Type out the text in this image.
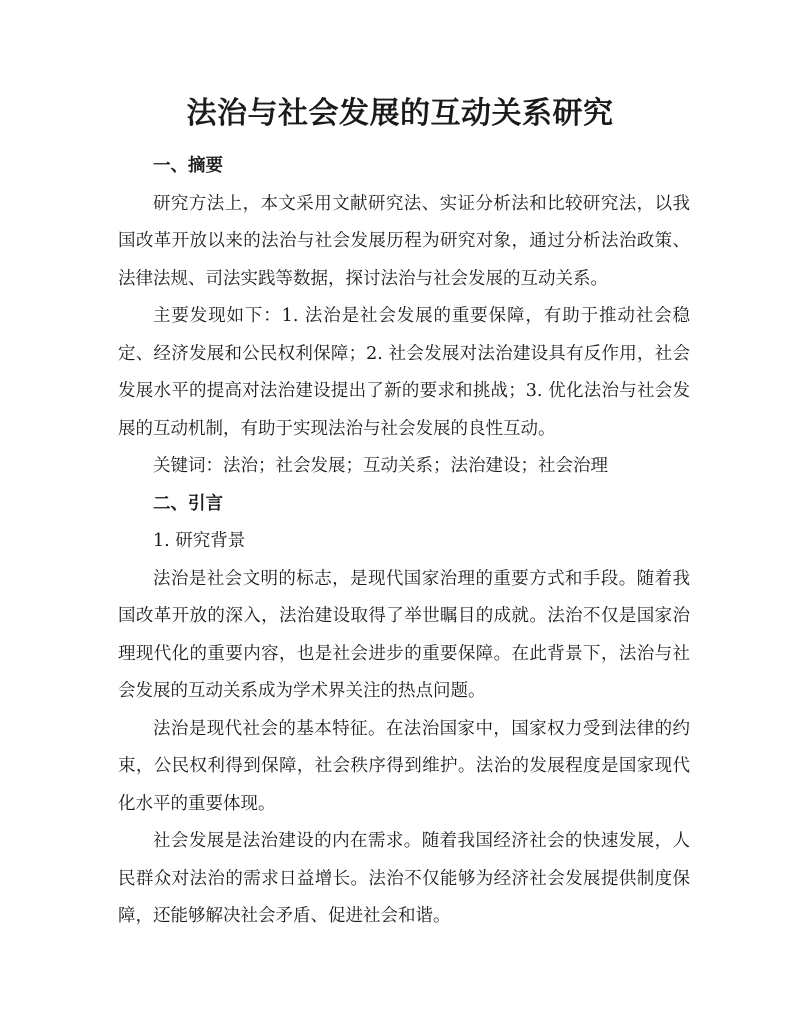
法治与社会发展的互动关系研究

一、摘要

研究方法上，本文采用文献研究法、实证分析法和比较研究法，以我国改革开放以来的法治与社会发展历程为研究对象，通过分析法治政策、法律法规、司法实践等数据，探讨法治与社会发展的互动关系。

主要发现如下：1. 法治是社会发展的重要保障，有助于推动社会稳定、经济发展和公民权利保障；2. 社会发展对法治建设具有反作用，社会发展水平的提高对法治建设提出了新的要求和挑战；3. 优化法治与社会发展的互动机制，有助于实现法治与社会发展的良性互动。

关键词：法治；社会发展；互动关系；法治建设；社会治理

二、引言

1. 研究背景

法治是社会文明的标志，是现代国家治理的重要方式和手段。随着我国改革开放的深入，法治建设取得了举世瞩目的成就。法治不仅是国家治理现代化的重要内容，也是社会进步的重要保障。在此背景下，法治与社会发展的互动关系成为学术界关注的热点问题。

法治是现代社会的基本特征。在法治国家中，国家权力受到法律的约束，公民权利得到保障，社会秩序得到维护。法治的发展程度是国家现代化水平的重要体现。

社会发展是法治建设的内在需求。随着我国经济社会的快速发展，人民群众对法治的需求日益增长。法治不仅能够为经济社会发展提供制度保障，还能够解决社会矛盾、促进社会和谐。
